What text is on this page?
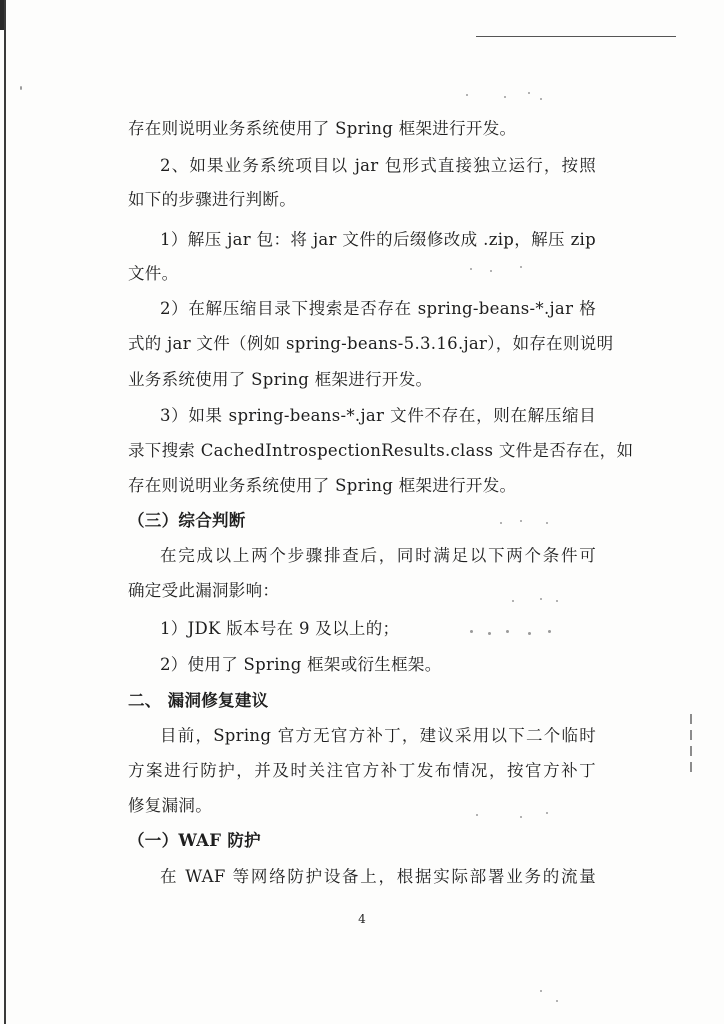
存在则说明业务系统使用了 Spring 框架进行开发。
2、如果业务系统项目以 jar 包形式直接独立运行，按照
如下的步骤进行判断。
1）解压 jar 包：将 jar 文件的后缀修改成 .zip，解压 zip
文件。
2）在解压缩目录下搜索是否存在 spring-beans-*.jar 格
式的 jar 文件（例如 spring-beans-5.3.16.jar），如存在则说明
业务系统使用了 Spring 框架进行开发。
3）如果 spring-beans-*.jar 文件不存在，则在解压缩目
录下搜索 CachedIntrospectionResults.class 文件是否存在，如
存在则说明业务系统使用了 Spring 框架进行开发。
（三）综合判断
在完成以上两个步骤排查后，同时满足以下两个条件可
确定受此漏洞影响：
1）JDK 版本号在 9 及以上的；
2）使用了 Spring 框架或衍生框架。
二、 漏洞修复建议
目前，Spring 官方无官方补丁，建议采用以下二个临时
方案进行防护，并及时关注官方补丁发布情况，按官方补丁
修复漏洞。
（一）WAF 防护
在 WAF 等网络防护设备上，根据实际部署业务的流量
4
